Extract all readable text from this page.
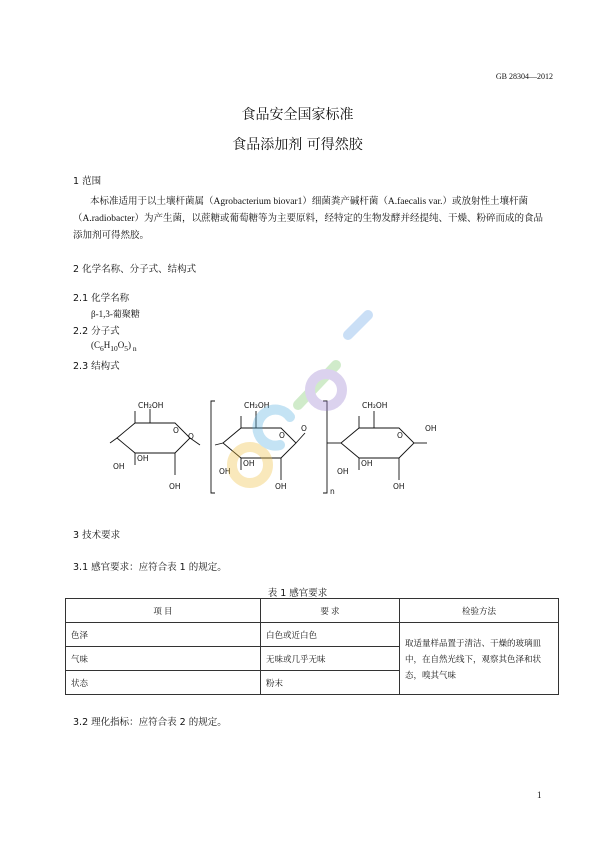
GB 28304—2012
食品安全国家标准
食品添加剂 可得然胶
1 范围
本标准适用于以土壤杆菌属（Agrobacterium biovar1）细菌粪产碱杆菌（A.faecalis var.）或放射性土壤杆菌（A.radiobacter）为产生菌，以蔗糖或葡萄糖等为主要原料，经特定的生物发酵并经提纯、干燥、粉碎而成的食品添加剂可得然胶。
2 化学名称、分子式、结构式
2.1 化学名称
β-1,3-葡聚糖
2.2 分子式
$(C_6H_{10}O_5)$ $_n$
2.3 结构式
CH₂OH	CH₂OH	CH₂OH
O
O	O
O
O	OH
OH
OH
OH
OH
OH
OH
OH
OH
OH
n
3 技术要求
3.1 感官要求：应符合表 1 的规定。
表 1 感官要求
项 目	要 求	检验方法
色泽	白色或近白色	取适量样品置于清洁、干燥的玻璃皿中，在自然光线下，观察其色泽和状态，嗅其气味
气味	无味或几乎无味	
状态	粉末	
3.2 理化指标：应符合表 2 的规定。
1
